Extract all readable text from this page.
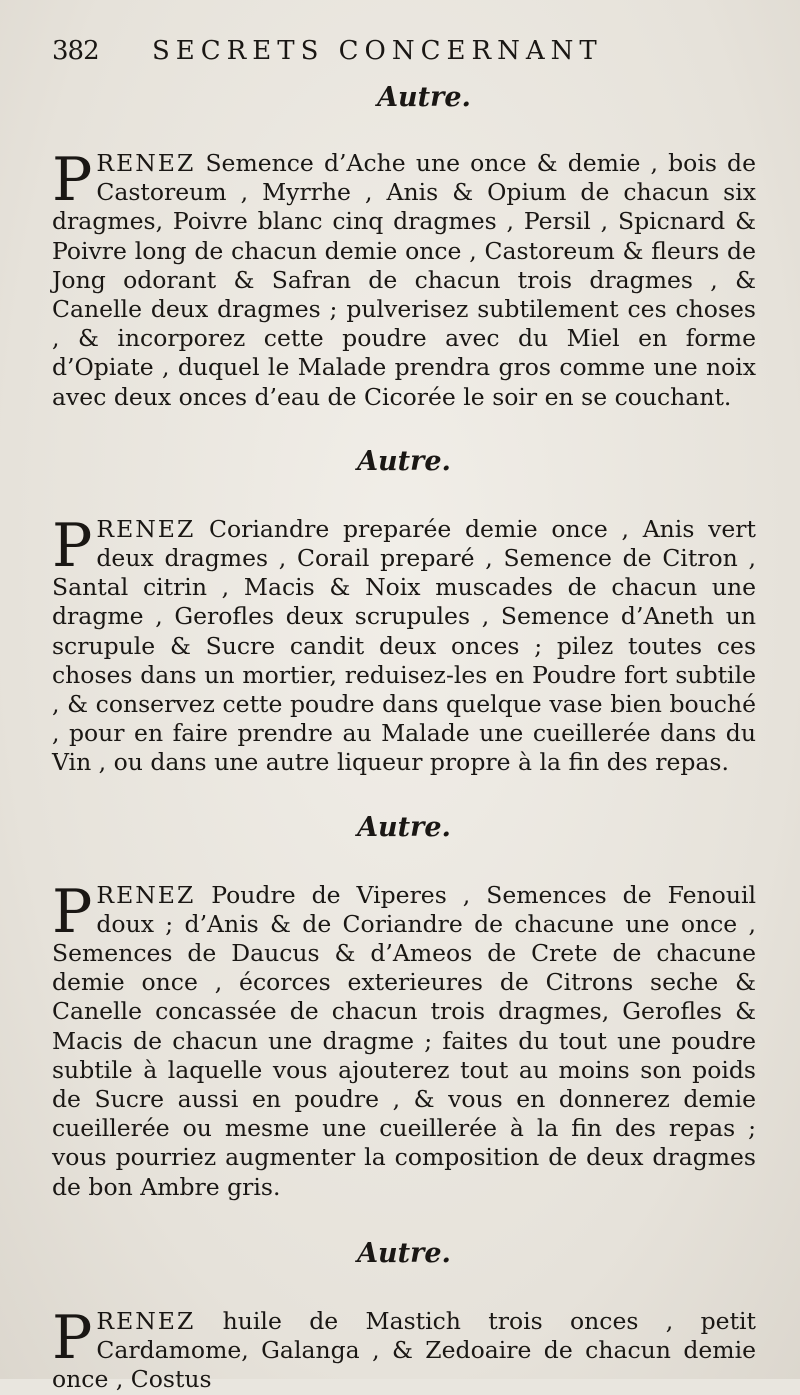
382	SECRETS CONCERNANT
Autre.

PRENEZ Semence d’Ache une once & demie , bois de Castoreum , Myrrhe , Anis & Opium de chacun six dragmes, Poivre blanc cinq dragmes , Persil , Spicnard & Poivre long de chacun demie once , Castoreum & fleurs de Jong odorant & Safran de chacun trois dragmes , & Canelle deux dragmes ; pulverisez subtilement ces choses , & incorporez cette poudre avec du Miel en forme d’Opiate , duquel le Malade prendra gros comme une noix avec deux onces d’eau de Cicorée le soir en se couchant.

Autre.

PRENEZ Coriandre preparée demie once , Anis vert deux dragmes , Corail preparé , Semence de Citron , Santal citrin , Macis & Noix muscades de chacun une dragme , Gerofles deux scrupules , Semence d’Aneth un scrupule & Sucre candit deux onces ; pilez toutes ces choses dans un mortier, reduisez-les en Poudre fort subtile , & conservez cette poudre dans quelque vase bien bouché , pour en faire prendre au Malade une cueillerée dans du Vin , ou dans une autre liqueur propre à la fin des repas.

Autre.

PRENEZ Poudre de Viperes , Semences de Fenouil doux ; d’Anis & de Coriandre de chacune une once , Semences de Daucus & d’Ameos de Crete de chacune demie once , écorces exterieures de Citrons seche & Canelle concassée de chacun trois dragmes, Gerofles & Macis de chacun une dragme ; faites du tout une poudre subtile à laquelle vous ajouterez tout au moins son poids de Sucre aussi en poudre , & vous en donnerez demie cueillerée ou mesme une cueillerée à la fin des repas ; vous pourriez augmenter la composition de deux dragmes de bon Ambre gris.

Autre.

PRENEZ huile de Mastich trois onces , petit Cardamome, Galanga , & Zedoaire de chacun demie once , Costus
